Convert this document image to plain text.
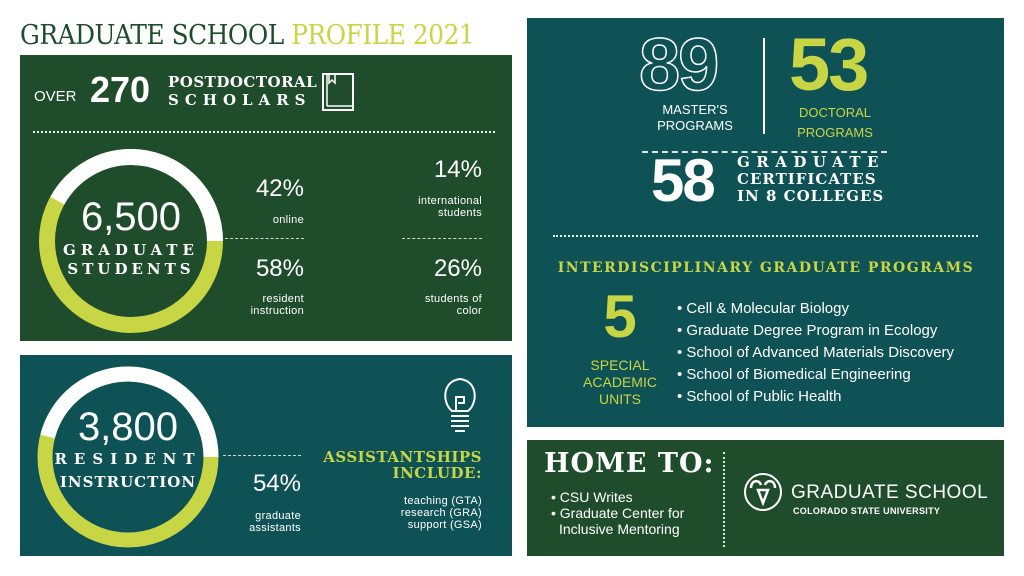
GRADUATE SCHOOL PROFILE 2021
OVER 270 POSTDOCTORAL
SCHOLARS
6,500
GRADUATE
STUDENTS
42%
online
58%
resident instruction
14%
international students
26%
students of color
3,800
RESIDENT
INSTRUCTION	54%
graduate assistants
ASSISTANTSHIPS
INCLUDE:
teaching (GTA)
research (GRA)
support (GSA)
89
MASTER'S
PROGRAMS
53
DOCTORAL
PROGRAMS
58 GRADUATE
CERTIFICATES
IN 8 COLLEGES
INTERDISCIPLINARY GRADUATE PROGRAMS
5
SPECIAL
ACADEMIC
UNITS
• Cell & Molecular Biology
• Graduate Degree Program in Ecology
• School of Advanced Materials Discovery
• School of Biomedical Engineering
• School of Public Health
HOME TO:
• CSU Writes
• Graduate Center for
Inclusive Mentoring
GRADUATE SCHOOL
COLORADO STATE UNIVERSITY
